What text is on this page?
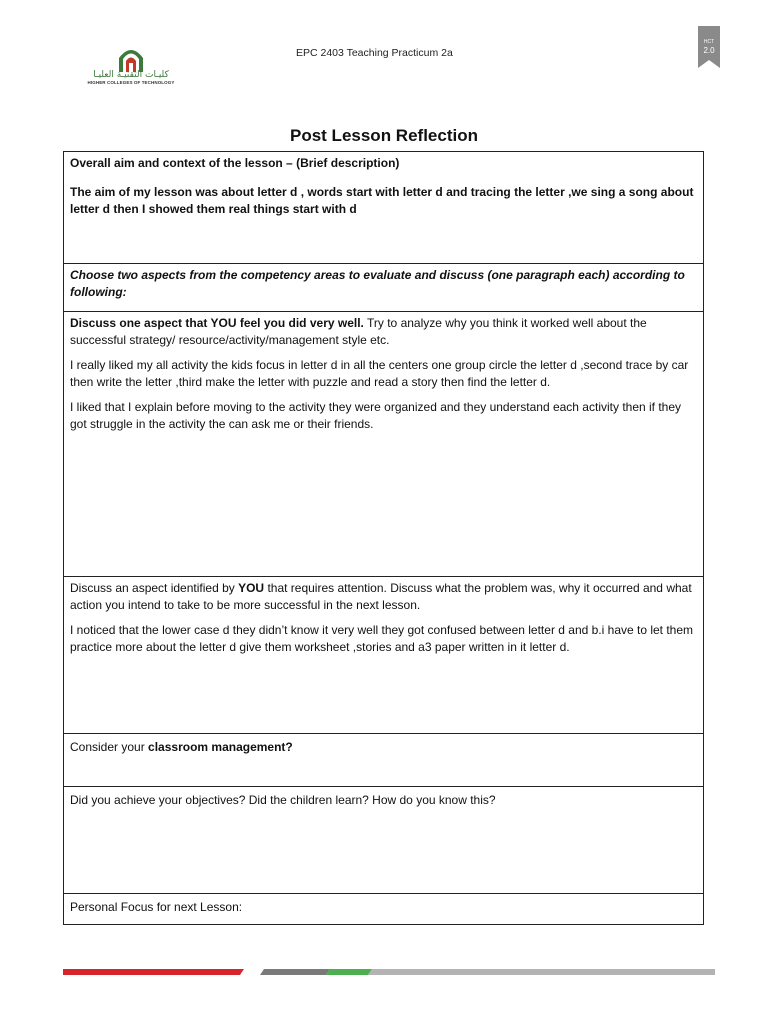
كليـات التقنيـة العليـا
HIGHER COLLEGES OF TECHNOLOGY
EPC 2403 Teaching Practicum 2a
HCT
2.0
Post Lesson Reflection

Overall aim and context of the lesson – (Brief description)

The aim of my lesson was about letter d , words start with letter d and tracing the letter ,we sing a song about letter d then I showed them real things start with d

Choose two aspects from the competency areas to evaluate and discuss (one paragraph each) according to following:

Discuss one aspect that YOU feel you did very well. Try to analyze why you think it worked well about the successful strategy/ resource/activity/management style etc.

I really liked my all activity the kids focus in letter d in all the centers one group circle the letter d ,second trace by car then write the letter ,third make the letter with puzzle and read a story then find the letter d.

I liked that I explain before moving to the activity they were organized and they understand each activity then if they got struggle in the activity the can ask me or their friends.

Discuss an aspect identified by YOU that requires attention. Discuss what the problem was, why it occurred and what action you intend to take to be more successful in the next lesson.

I noticed that the lower case d they didn’t know it very well they got confused between letter d and b.i have to let them practice more about the letter d give them worksheet ,stories and a3 paper written in it letter d.

Consider your classroom management?

Did you achieve your objectives? Did the children learn? How do you know this?

Personal Focus for next Lesson:
